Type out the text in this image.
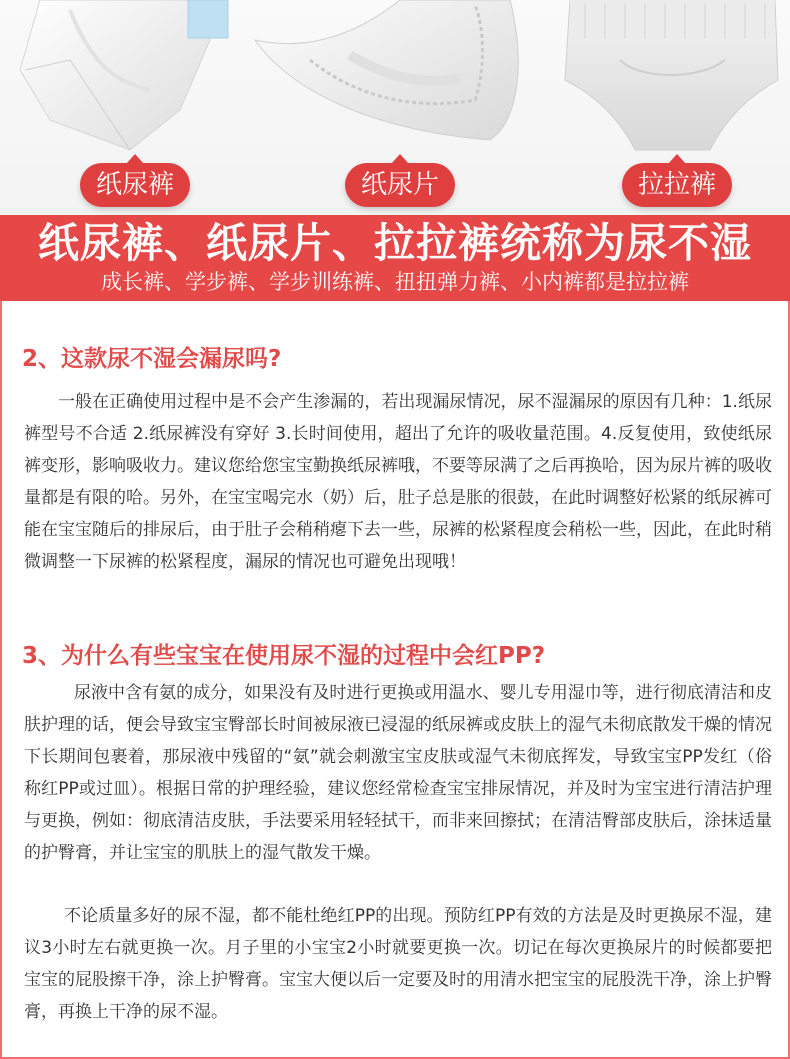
纸尿裤	纸尿片	拉拉裤
纸尿裤、纸尿片、拉拉裤统称为尿不湿
成长裤、学步裤、学步训练裤、扭扭弹力裤、小内裤都是拉拉裤
2、这款尿不湿会漏尿吗?
一般在正确使用过程中是不会产生渗漏的，若出现漏尿情况，尿不湿漏尿的原因有几种：1.纸尿裤型号不合适 2.纸尿裤没有穿好 3.长时间使用，超出了允许的吸收量范围。4.反复使用，致使纸尿裤变形，影响吸收力。建议您给您宝宝勤换纸尿裤哦，不要等尿满了之后再换哈，因为尿片裤的吸收量都是有限的哈。另外，在宝宝喝完水（奶）后，肚子总是胀的很鼓，在此时调整好松紧的纸尿裤可能在宝宝随后的排尿后，由于肚子会稍稍瘪下去一些，尿裤的松紧程度会稍松一些，因此，在此时稍微调整一下尿裤的松紧程度，漏尿的情况也可避免出现哦！
3、为什么有些宝宝在使用尿不湿的过程中会红PP?
尿液中含有氨的成分，如果没有及时进行更换或用温水、婴儿专用湿巾等，进行彻底清洁和皮肤护理的话，便会导致宝宝臀部长时间被尿液已浸湿的纸尿裤或皮肤上的湿气未彻底散发干燥的情况下长期间包裹着，那尿液中残留的“氨”就会刺激宝宝皮肤或湿气未彻底挥发，导致宝宝PP发红（俗称红PP或过皿）。根据日常的护理经验，建议您经常检查宝宝排尿情况，并及时为宝宝进行清洁护理与更换，例如：彻底清洁皮肤，手法要采用轻轻拭干，而非来回擦拭；在清洁臀部皮肤后，涂抹适量的护臀膏，并让宝宝的肌肤上的湿气散发干燥。
不论质量多好的尿不湿，都不能杜绝红PP的出现。预防红PP有效的方法是及时更换尿不湿，建议3小时左右就更换一次。月子里的小宝宝2小时就要更换一次。切记在每次更换尿片的时候都要把宝宝的屁股擦干净，涂上护臀膏。宝宝大便以后一定要及时的用清水把宝宝的屁股洗干净，涂上护臀膏，再换上干净的尿不湿。
